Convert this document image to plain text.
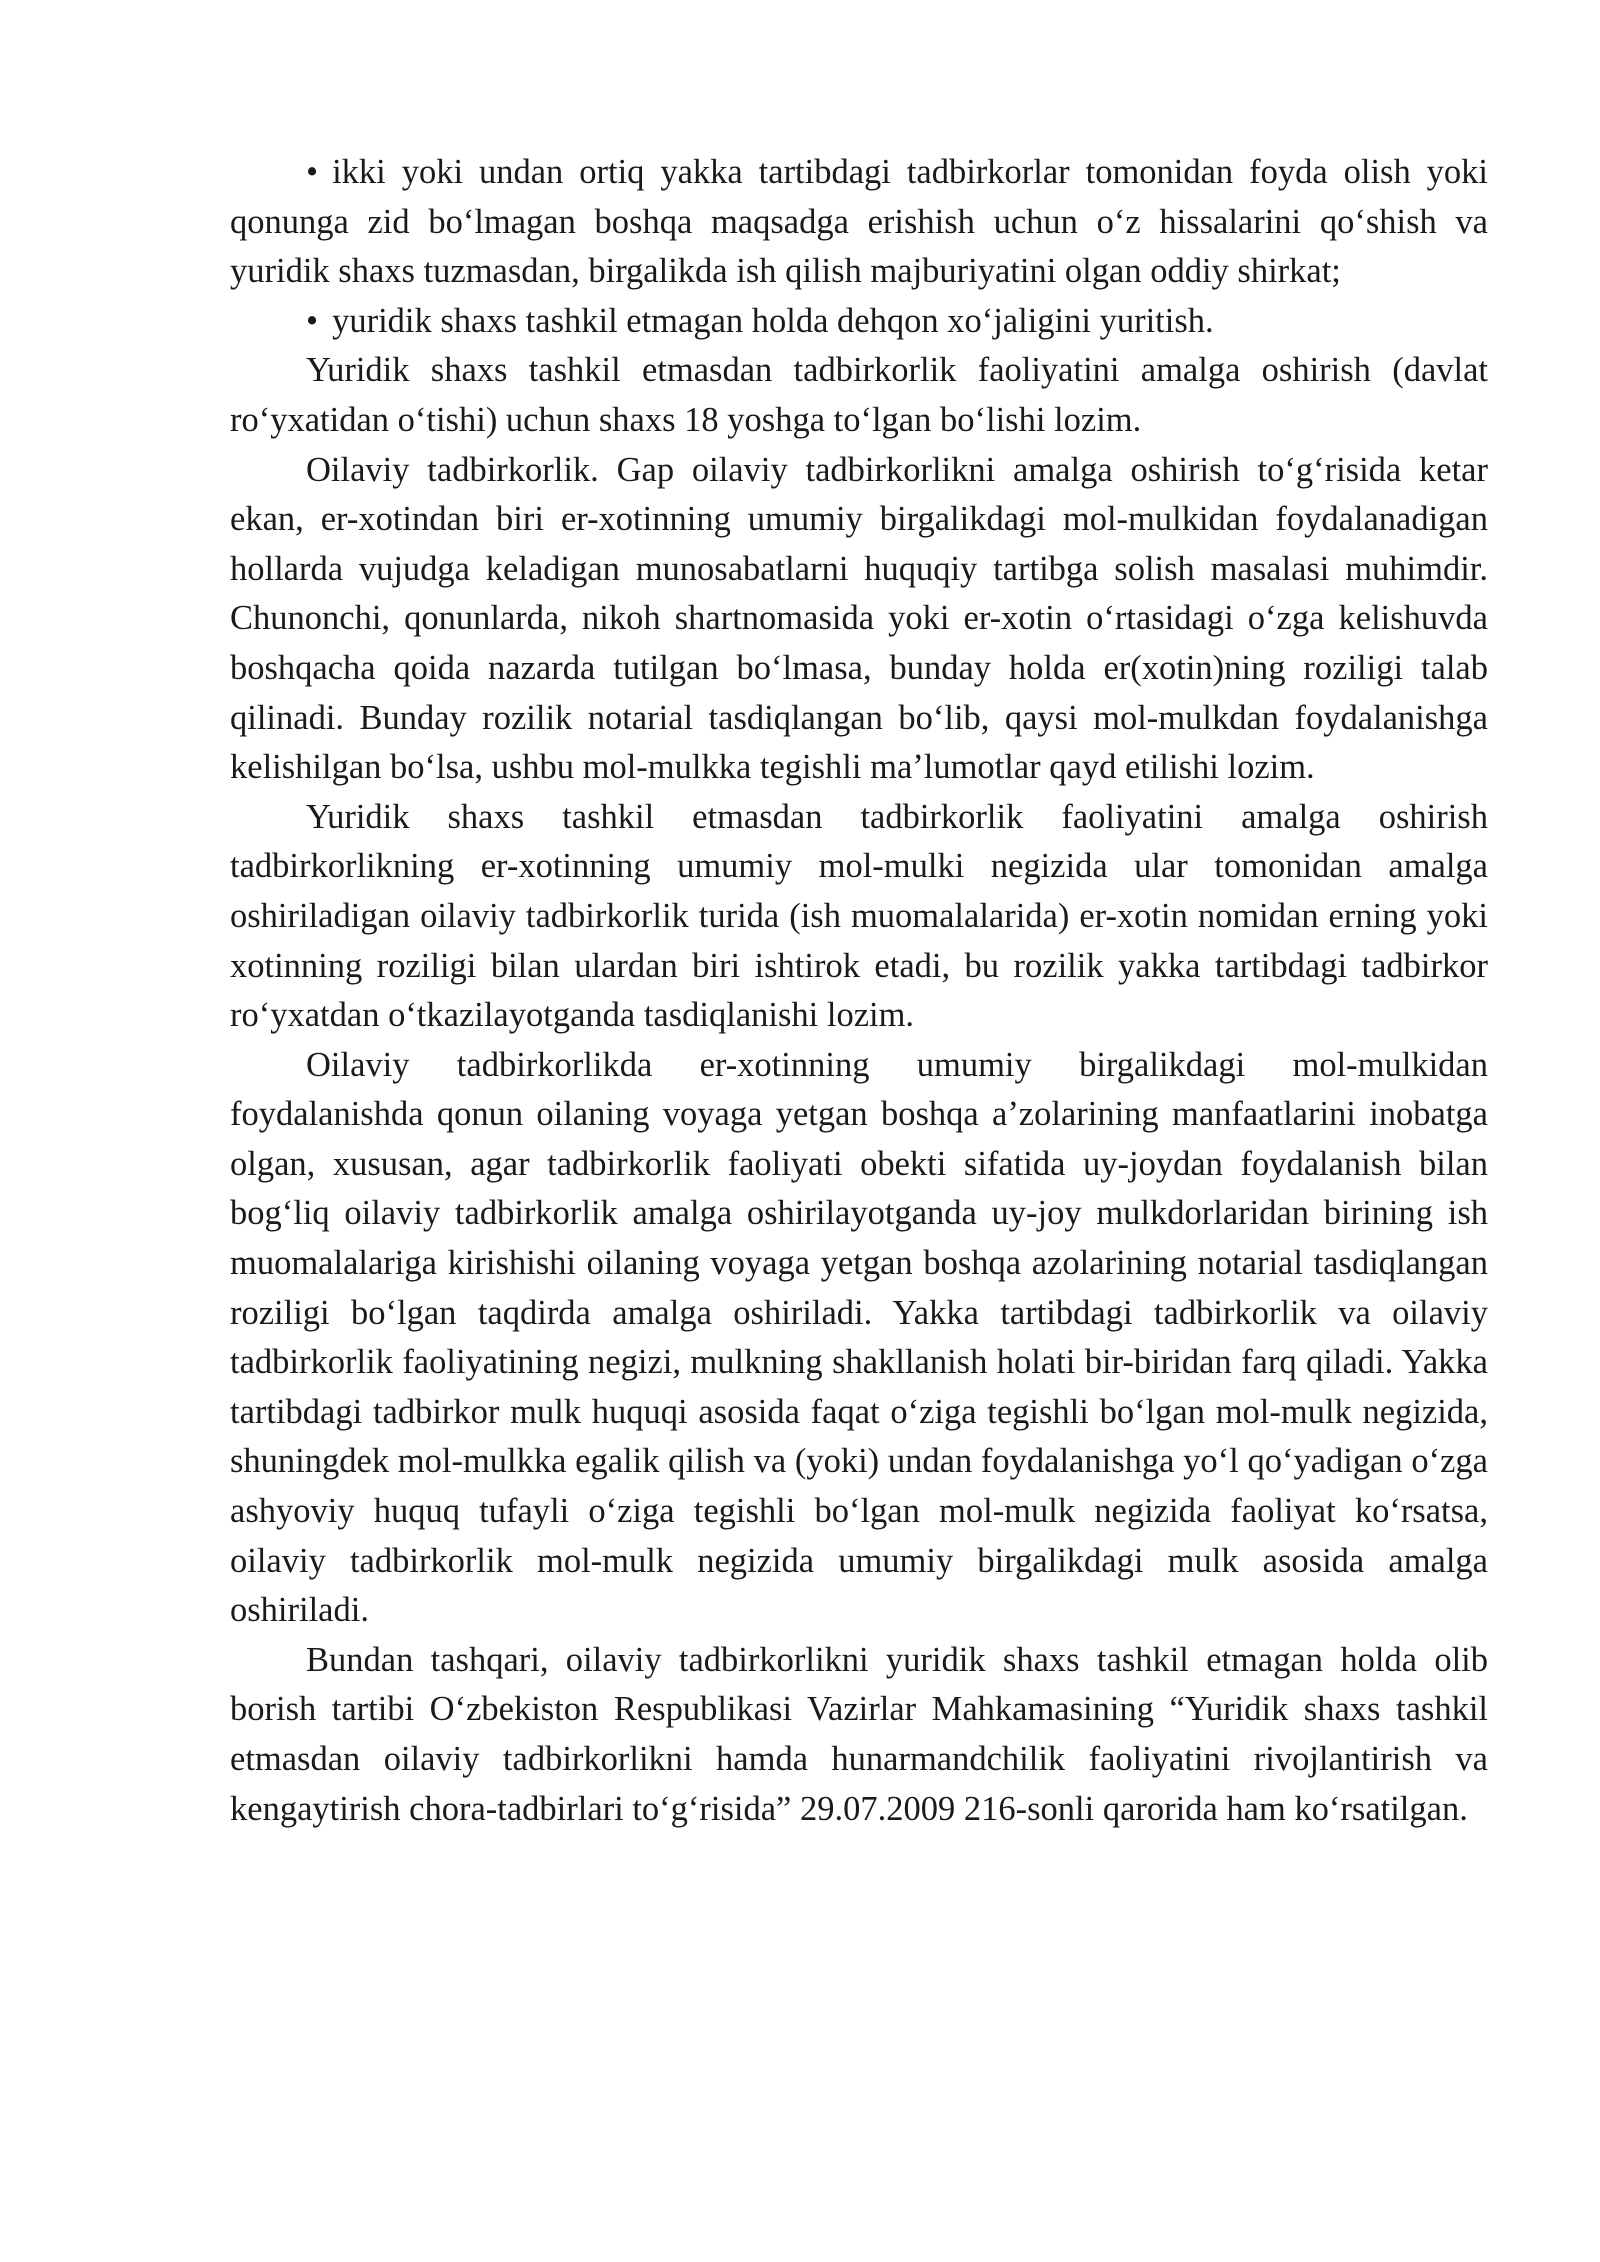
• ikki yoki undan ortiq yakka tartibdagi tadbirkorlar tomonidan foyda olish yoki qonunga zid boʻlmagan boshqa maqsadga erishish uchun oʻz hissalarini qoʻshish va yuridik shaxs tuzmasdan, birgalikda ish qilish majburiyatini olgan oddiy shirkat;

• yuridik shaxs tashkil etmagan holda dehqon xoʻjaligini yuritish.

Yuridik shaxs tashkil etmasdan tadbirkorlik faoliyatini amalga oshirish (davlat roʻyxatidan oʻtishi) uchun shaxs 18 yoshga toʻlgan boʻlishi lozim.

Oilaviy tadbirkorlik. Gap oilaviy tadbirkorlikni amalga oshirish toʻgʻrisida ketar ekan, er-xotindan biri er-xotinning umumiy birgalikdagi mol-mulkidan foydalanadigan hollarda vujudga keladigan munosabatlarni huquqiy tartibga solish masalasi muhimdir. Chunonchi, qonunlarda, nikoh shartnomasida yoki er-xotin oʻrtasidagi oʻzga kelishuvda boshqacha qoida nazarda tutilgan boʻlmasa, bunday holda er(xotin)ning roziligi talab qilinadi. Bunday rozilik notarial tasdiqlangan boʻlib, qaysi mol-mulkdan foydalanishga kelishilgan boʻlsa, ushbu mol-mulkka tegishli maʼlumotlar qayd etilishi lozim.

Yuridik shaxs tashkil etmasdan tadbirkorlik faoliyatini amalga oshirish tadbirkorlikning er-xotinning umumiy mol-mulki negizida ular tomonidan amalga oshiriladigan oilaviy tadbirkorlik turida (ish muomalalarida) er-xotin nomidan erning yoki xotinning roziligi bilan ulardan biri ishtirok etadi, bu rozilik yakka tartibdagi tadbirkor roʻyxatdan oʻtkazilayotganda tasdiqlanishi lozim.

Oilaviy tadbirkorlikda er-xotinning umumiy birgalikdagi mol-mulkidan foydalanishda qonun oilaning voyaga yetgan boshqa aʼzolarining manfaatlarini inobatga olgan, xususan, agar tadbirkorlik faoliyati obekti sifatida uy-joydan foydalanish bilan bogʻliq oilaviy tadbirkorlik amalga oshirilayotganda uy-joy mulkdorlaridan birining ish muomalalariga kirishishi oilaning voyaga yetgan boshqa azolarining notarial tasdiqlangan roziligi boʻlgan taqdirda amalga oshiriladi. Yakka tartibdagi tadbirkorlik va oilaviy tadbirkorlik faoliyatining negizi, mulkning shakllanish holati bir-biridan farq qiladi. Yakka tartibdagi tadbirkor mulk huquqi asosida faqat oʻziga tegishli boʻlgan mol-mulk negizida, shuningdek mol-mulkka egalik qilish va (yoki) undan foydalanishga yoʻl qoʻyadigan oʻzga ashyoviy huquq tufayli oʻziga tegishli boʻlgan mol-mulk negizida faoliyat koʻrsatsa, oilaviy tadbirkorlik mol-mulk negizida umumiy birgalikdagi mulk asosida amalga oshiriladi.

Bundan tashqari, oilaviy tadbirkorlikni yuridik shaxs tashkil etmagan holda olib borish tartibi Oʻzbekiston Respublikasi Vazirlar Mahkamasining “Yuridik shaxs tashkil etmasdan oilaviy tadbirkorlikni hamda hunarmandchilik faoliyatini rivojlantirish va kengaytirish chora-tadbirlari toʻgʻrisida” 29.07.2009 216-sonli qarorida ham koʻrsatilgan.
